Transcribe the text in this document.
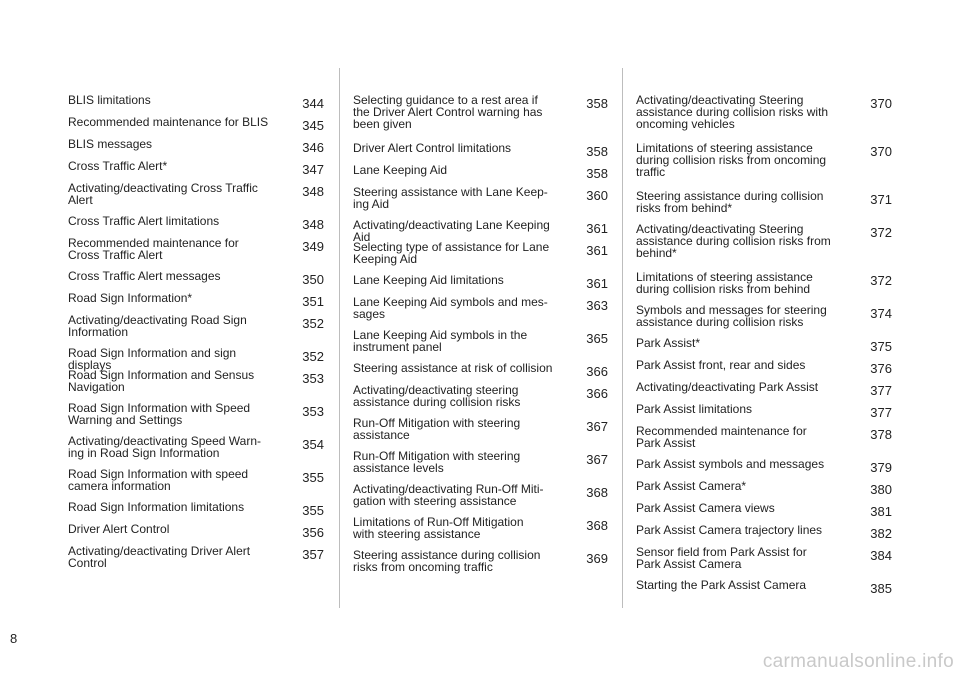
BLIS limitations	344
Recommended maintenance for BLIS	345
BLIS messages	346
Cross Traffic Alert*	347
Activating/deactivating Cross Traffic
Alert
348
Cross Traffic Alert limitations	348
Recommended maintenance for
Cross Traffic Alert
349
Cross Traffic Alert messages	350
Road Sign Information*	351
Activating/deactivating Road Sign
Information
352
Road Sign Information and sign displays
352
Road Sign Information and Sensus
Navigation
353
Road Sign Information with Speed
Warning and Settings
353
Activating/deactivating Speed Warn-
ing in Road Sign Information
354
Road Sign Information with speed
camera information
355
Road Sign Information limitations	355
Driver Alert Control	356
Activating/deactivating Driver Alert
Control
357
Selecting guidance to a rest area if
the Driver Alert Control warning has
been given
358
Driver Alert Control limitations	358
Lane Keeping Aid	358
Steering assistance with Lane Keep-
ing Aid
360
Activating/deactivating Lane Keeping Aid
361
Selecting type of assistance for Lane
Keeping Aid
361
Lane Keeping Aid limitations	361
Lane Keeping Aid symbols and mes-
sages
363
Lane Keeping Aid symbols in the
instrument panel
365
Steering assistance at risk of collision	366
Activating/deactivating steering
assistance during collision risks
366
Run-Off Mitigation with steering
assistance
367
Run-Off Mitigation with steering
assistance levels
367
Activating/deactivating Run-Off Miti-
gation with steering assistance
368
Limitations of Run-Off Mitigation
with steering assistance
368
Steering assistance during collision
risks from oncoming traffic
369
Activating/deactivating Steering
assistance during collision risks with
oncoming vehicles
370
Limitations of steering assistance
during collision risks from oncoming
traffic
370
Steering assistance during collision
risks from behind*
371
Activating/deactivating Steering
assistance during collision risks from
behind*
372
Limitations of steering assistance
during collision risks from behind
372
Symbols and messages for steering
assistance during collision risks
374
Park Assist*	375
Park Assist front, rear and sides	376
Activating/deactivating Park Assist	377
Park Assist limitations	377
Recommended maintenance for
Park Assist
378
Park Assist symbols and messages	379
Park Assist Camera*	380
Park Assist Camera views	381
Park Assist Camera trajectory lines	382
Sensor field from Park Assist for
Park Assist Camera
384
Starting the Park Assist Camera	385
8
carmanualsonline.info
